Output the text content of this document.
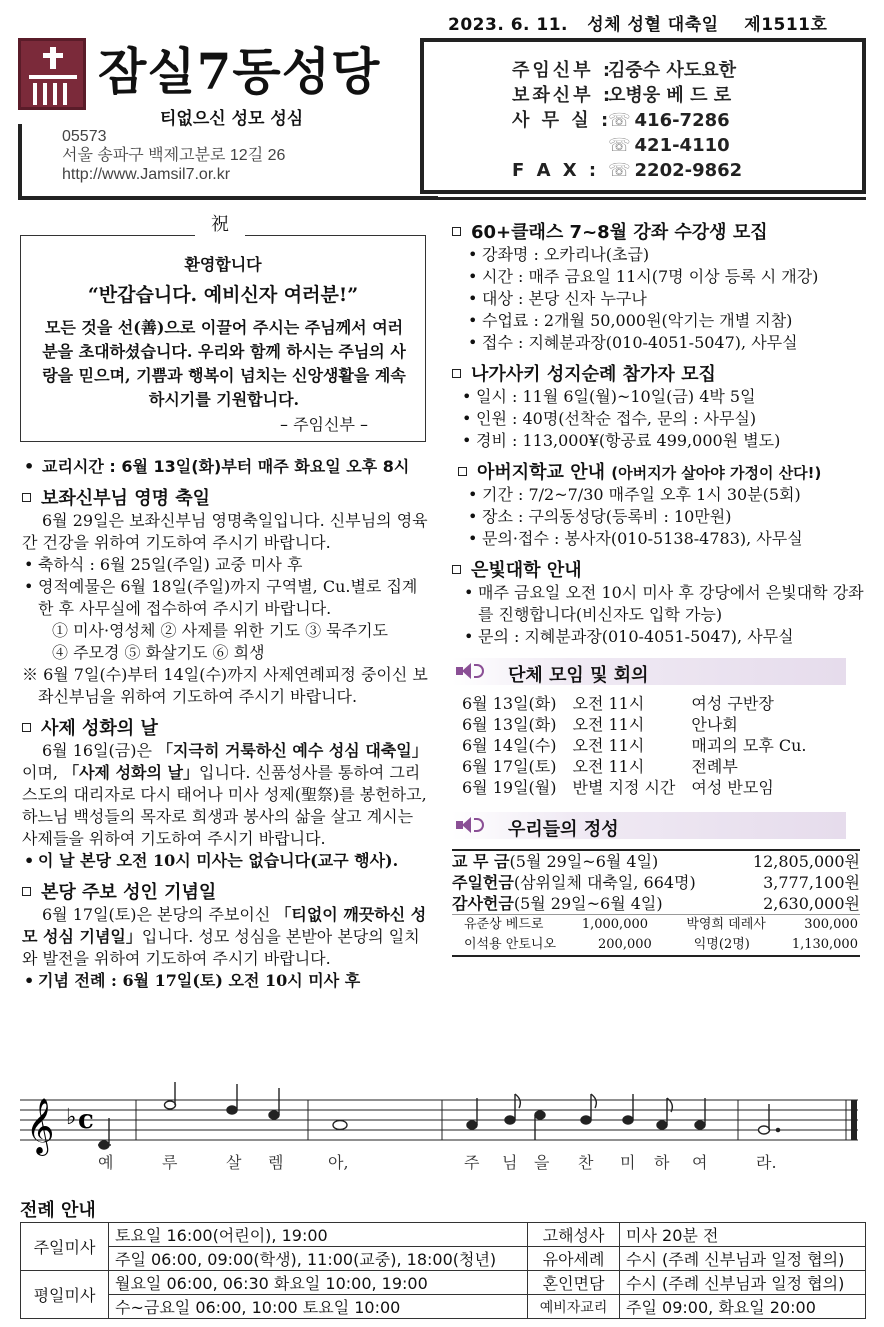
2023. 6. 11. 성체 성혈 대축일 제1511호
잠실7동성당
티없으신 성모 성심
05573
서울 송파구 백제고분로 12길 26
http://www.Jamsil7.or.kr
주임신부 :
김중수 사도요한
보좌신부 :
오병웅 베 드 로
사 무 실 :
☏ 416-7286
☏ 421-4110
F A X : ☏ 2202-9862
祝
환영합니다
“반갑습니다. 예비신자 여러분!”
모든 것을 선(善)으로 이끌어 주시는 주님께서 여러분을 초대하셨습니다. 우리와 함께 하시는 주님의 사랑을 믿으며, 기쁨과 행복이 넘치는 신앙생활을 계속하시기를 기원합니다.
– 주임신부 –
• 교리시간 : 6월 13일(화)부터 매주 화요일 오후 8시
보좌신부님 영명 축일
6월 29일은 보좌신부님 영명축일입니다. 신부님의 영육간 건강을 위하여 기도하여 주시기 바랍니다.
• 축하식 : 6월 25일(주일) 교중 미사 후
• 영적예물은 6월 18일(주일)까지 구역별, Cu.별로 집계한 후 사무실에 접수하여 주시기 바랍니다.
① 미사·영성체 ② 사제를 위한 기도 ③ 묵주기도
④ 주모경 ⑤ 화살기도 ⑥ 희생
※ 6월 7일(수)부터 14일(수)까지 사제연례피정 중이신 보좌신부님을 위하여 기도하여 주시기 바랍니다.
사제 성화의 날
6월 16일(금)은 「지극히 거룩하신 예수 성심 대축일」이며, 「사제 성화의 날」입니다. 신품성사를 통하여 그리스도의 대리자로 다시 태어나 미사 성제(聖祭)를 봉헌하고, 하느님 백성들의 목자로 희생과 봉사의 삶을 살고 계시는 사제들을 위하여 기도하여 주시기 바랍니다.
• 이 날 본당 오전 10시 미사는 없습니다(교구 행사).
본당 주보 성인 기념일
6월 17일(토)은 본당의 주보이신 「티없이 깨끗하신 성모 성심 기념일」입니다. 성모 성심을 본받아 본당의 일치와 발전을 위하여 기도하여 주시기 바랍니다.
• 기념 전례 : 6월 17일(토) 오전 10시 미사 후
60+클래스 7~8월 강좌 수강생 모집
• 강좌명 : 오카리나(초급)
• 시간 : 매주 금요일 11시(7명 이상 등록 시 개강)
• 대상 : 본당 신자 누구나
• 수업료 : 2개월 50,000원(악기는 개별 지참)
• 접수 : 지혜분과장(010-4051-5047), 사무실
나가사키 성지순례 참가자 모집
• 일시 : 11월 6일(월)~10일(금) 4박 5일
• 인원 : 40명(선착순 접수, 문의 : 사무실)
• 경비 : 113,000¥(항공료 499,000원 별도)
아버지학교 안내 (아버지가 살아야 가정이 산다!)
• 기간 : 7/2~7/30 매주일 오후 1시 30분(5회)
• 장소 : 구의동성당(등록비 : 10만원)
• 문의·접수 : 봉사자(010-5138-4783), 사무실
은빛대학 안내
• 매주 금요일 오전 10시 미사 후 강당에서 은빛대학 강좌를 진행합니다(비신자도 입학 가능)
• 문의 : 지혜분과장(010-4051-5047), 사무실
단체 모임 및 회의
6월 13일(화)	오전 11시	여성 구반장
6월 13일(화)	오전 11시	안나회
6월 14일(수)	오전 11시	매괴의 모후 Cu.
6월 17일(토)	오전 11시	전례부
6월 19일(월)	반별 지정 시간	여성 반모임
우리들의 정성
교 무 금(5월 29일~6월 4일)	12,805,000원
주일헌금(삼위일체 대축일, 664명)	3,777,100원
감사헌금(5월 29일~6월 4일)	2,630,000원
유준상 베드로	1,000,000	박영희 데레사	300,000
이석용 안토니오	200,000	익명(2명)	1,130,000
𝄞 ♭ c
예	루	살 렘	아,	주 님 을 찬 미 하 여	라.
전례 안내
주일미사	토요일 16:00(어린이), 19:00	고해성사	미사 20분 전
	주일 06:00, 09:00(학생), 11:00(교중), 18:00(청년)	유아세례	수시 (주례 신부님과 일정 협의)
평일미사	월요일 06:00, 06:30 화요일 10:00, 19:00	혼인면담	수시 (주례 신부님과 일정 협의)
	수~금요일 06:00, 10:00 토요일 10:00	예비자교리	주일 09:00, 화요일 20:00
